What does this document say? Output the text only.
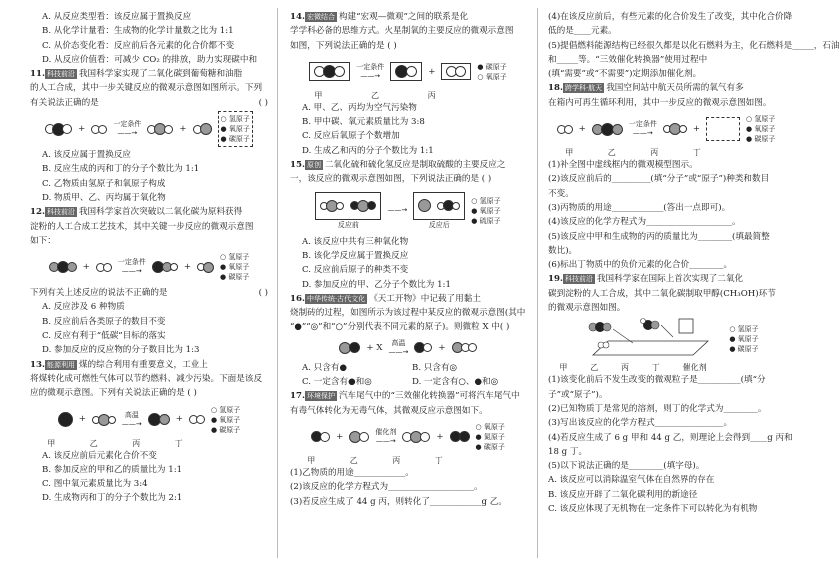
A. 从反应类型看：该反应属于置换反应
B. 从化学计量看：生成物的化学计量数之比为 1:1
C. 从价态变化看：反应前后各元素的化合价都不变
D. 从反应价值看：可减少 CO₂ 的排放，助力实现碳中和
11. 科技前沿 我国科学家实现了二氧化碳到葡萄糖和油脂
的人工合成，其中一步关键反应的微观示意图如图所示。下列
有关说法正确的是	( )
+	一定条件
——→	+
○ 氢原子
● 氧原子
● 碳原子
A. 该反应属于置换反应
B. 反应生成的丙和丁的分子个数比为 1:1
C. 乙物质由氢原子和氧原子构成
D. 物质甲、乙、丙均属于氧化物
12. 科技前沿 我国科学家首次突破以二氧化碳为原料获得
淀粉的人工合成工艺技术，其中关键一步反应的微观示意图
如下：
+	一定条件
——→	+
○ 氢原子
● 氧原子
● 碳原子
下列有关上述反应的说法不正确的是	( )
A. 反应涉及 6 种物质
B. 反应前后各类原子的数目不变
C. 反应有利于“低碳”目标的落实
D. 参加反应的反应物的分子数目比为 1:3
13. 能源利用 煤的综合利用有重要意义，工业上
将煤转化成可燃性气体可以节约燃料、减少污染。下面是该反
应的微观示意图。下列有关说法正确的是 ( )
+	高温
——→	+
○ 氢原子
● 氧原子
● 碳原子
甲	乙	丙	丁
A. 该反应前后元素化合价不变
B. 参加反应的甲和乙的质量比为 1:1
C. 图中氧元素质量比为 3:4
D. 生成物丙和丁的分子个数比为 2:1
14. 宏微结合 构建“宏观—微观”之间的联系是化
学学科必备的思维方式。火星制氧的主要反应的微观示意图
如图，下列说法正确的是 ( )
一定条件
——→	+	● 碳原子
○ 氧原子
甲	乙	丙
A. 甲、乙、丙均为空气污染物
B. 甲中碳、氧元素质量比为 3:8
C. 反应后氧原子个数增加
D. 生成乙和丙的分子个数比为 1:1
15. 原创 二氧化硫和硫化氢反应是制取硫酸的主要反应之
一，该反应的微观示意图如图，下列说法正确的是 ( )
反应前
——→
反应后
○ 氢原子
● 氧原子
● 硫原子
A. 该反应中共有三种氧化物
B. 该化学反应属于置换反应
C. 反应前后原子的种类不变
D. 参加反应的甲、乙分子个数比为 1:1
16. 中华传统·古代文化 《天工开物》中记载了用黏土
烧制砖的过程，如图所示为该过程中某反应的微观示意图(其中
“●”“◎”和“○”分别代表不同元素的原子)。则微粒 X 中( )
+ X	高温
——→	+
A. 只含有●	B. 只含有◎
C. 一定含有●和◎	D. 一定含有○、●和◎
17. 环境保护 汽车尾气中的“三效催化转换器”可将汽车尾气中
有毒气体转化为无毒气体，其微观反应示意图如下。
+	催化剂
——→	+
○ 氧原子
● 氮原子
● 碳原子
甲	乙	丙	丁
(1)乙物质的用途____________。
(2)该反应的化学方程式为____________________。
(3)若反应生成了 44 g 丙，则转化了____________g 乙。
(4)在该反应前后，有些元素的化合价发生了改变，其中化合价降
低的是____元素。
(5)提倡燃料能源结构已经很久都是以化石燃料为主，化石燃料是_____，石油
和_____等。“三效催化转换器”使用过程中
(填“需要”或“不需要”)定期添加催化剂。
18. 跨学科·航天 我国空间站中航天员所需的氧气有多
在箱内可再生循环利用，其中一步反应的微观示意图如图。
+	一定条件
——→	+
○ 氢原子
● 氧原子
● 碳原子
甲	乙	丙	丁
(1)补全图中虚线框内的微观模型图示。
(2)该反应前后的_________(填“分子”或“原子”)种类和数目
不变。
(3)丙物质的用途____________(答出一点即可)。
(4)该反应的化学方程式为____________________。
(5)该反应中甲和生成物的丙的质量比为________(填最简整
数比)。
(6)标出丁物质中的负价元素的化合价________。
19. 科技前沿 我国科学家在国际上首次实现了二氧化
碳到淀粉的人工合成，其中二氧化碳制取甲醇(CH₃OH)环节
的微观示意图如图。
○ 氢原子
● 氧原子
● 碳原子
甲	乙	丙	丁	催化剂
(1)该变化前后不发生改变的微观粒子是__________(填“分
子”或“原子”)。
(2)已知物质丁是常见的溶剂，则丁的化学式为________。
(3)写出该反应的化学方程式________________。
(4)若反应生成了 6 g 甲和 44 g 乙，则理论上会得到____g 丙和
18 g 丁。
(5)以下说法正确的是________(填字母)。
A. 该反应可以消除温室气体在自然界的存在
B. 该反应开辟了二氧化碳利用的新途径
C. 该反应体现了无机物在一定条件下可以转化为有机物
